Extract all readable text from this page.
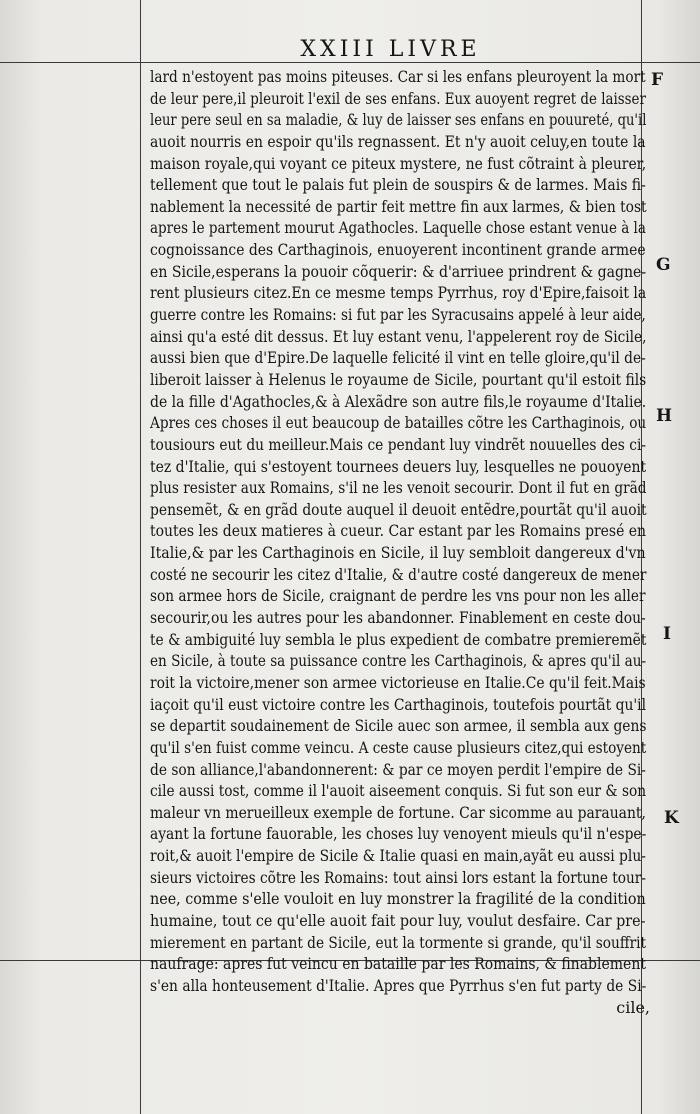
XXIII LIVRE
lard n'estoyent pas moins piteuses. Car si les enfans pleuroyent la mort
de leur pere,il pleuroit l'exil de ses enfans. Eux auoyent regret de laisser
leur pere seul en sa maladie, & luy de laisser ses enfans en pouureté, qu'il
auoit nourris en espoir qu'ils regnassent. Et n'y auoit celuy,en toute la
maison royale,qui voyant ce piteux mystere, ne fust cõtraint à pleurer,
tellement que tout le palais fut plein de souspirs & de larmes. Mais fi-
nablement la necessité de partir feit mettre fin aux larmes, & bien tost
apres le partement mourut Agathocles. Laquelle chose estant venue à la
cognoissance des Carthaginois, enuoyerent incontinent grande armee
en Sicile,esperans la pouoir cõquerir: & d'arriuee prindrent & gagne-
rent plusieurs citez.En ce mesme temps Pyrrhus, roy d'Epire,faisoit la
guerre contre les Romains: si fut par les Syracusains appelé à leur aide,
ainsi qu'a esté dit dessus. Et luy estant venu, l'appelerent roy de Sicile,
aussi bien que d'Epire.De laquelle felicité il vint en telle gloire,qu'il de-
liberoit laisser à Helenus le royaume de Sicile, pourtant qu'il estoit fils
de la fille d'Agathocles,& à Alexãdre son autre fils,le royaume d'Italie.
Apres ces choses il eut beaucoup de batailles cõtre les Carthaginois, ou
tousiours eut du meilleur.Mais ce pendant luy vindrẽt nouuelles des ci-
tez d'Italie, qui s'estoyent tournees deuers luy, lesquelles ne pouoyent
plus resister aux Romains, s'il ne les venoit secourir. Dont il fut en grãd
pensemẽt, & en grãd doute auquel il deuoit entẽdre,pourtãt qu'il auoit
toutes les deux matieres à cueur. Car estant par les Romains presé en
Italie,& par les Carthaginois en Sicile, il luy sembloit dangereux d'vn
costé ne secourir les citez d'Italie, & d'autre costé dangereux de mener
son armee hors de Sicile, craignant de perdre les vns pour non les aller
secourir,ou les autres pour les abandonner. Finablement en ceste dou-
te & ambiguité luy sembla le plus expedient de combatre premieremẽt
en Sicile, à toute sa puissance contre les Carthaginois, & apres qu'il au-
roit la victoire,mener son armee victorieuse en Italie.Ce qu'il feit.Mais
iaçoit qu'il eust victoire contre les Carthaginois, toutefois pourtãt qu'il
se departit soudainement de Sicile auec son armee, il sembla aux gens
qu'il s'en fuist comme veincu. A ceste cause plusieurs citez,qui estoyent
de son alliance,l'abandonnerent: & par ce moyen perdit l'empire de Si-
cile aussi tost, comme il l'auoit aiseement conquis. Si fut son eur & son
maleur vn merueilleux exemple de fortune. Car sicomme au parauant,
ayant la fortune fauorable, les choses luy venoyent mieuls qu'il n'espe-
roit,& auoit l'empire de Sicile & Italie quasi en main,ayãt eu aussi plu-
sieurs victoires cõtre les Romains: tout ainsi lors estant la fortune tour-
nee, comme s'elle vouloit en luy monstrer la fragilité de la condition
humaine, tout ce qu'elle auoit fait pour luy, voulut desfaire. Car pre-
mierement en partant de Sicile, eut la tormente si grande, qu'il souffrit
naufrage: apres fut veincu en bataille par les Romains, & finablement
s'en alla honteusement d'Italie. Apres que Pyrrhus s'en fut party de Si-
cile,
F
G
H
I
K
